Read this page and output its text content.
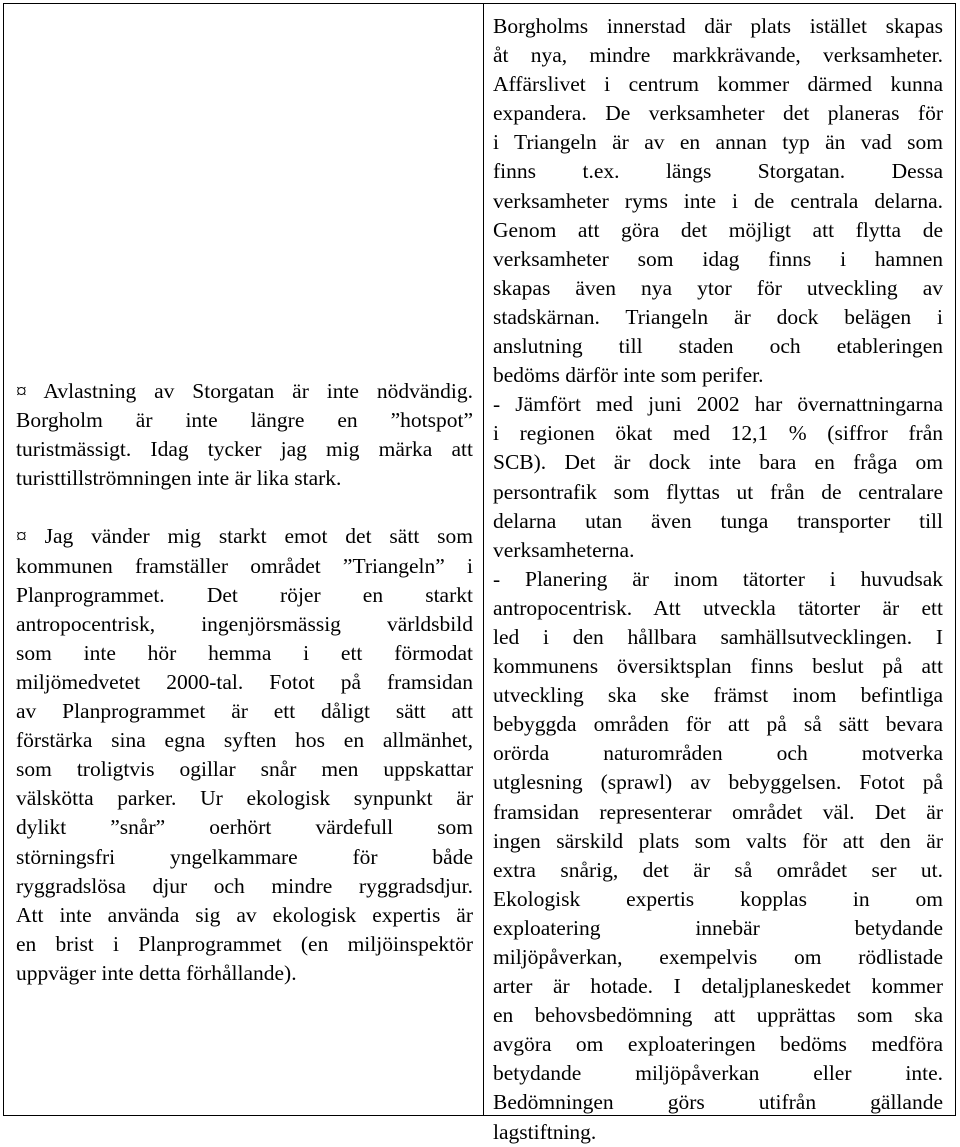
¤ Avlastning av Storgatan är inte nödvändig.
Borgholm är inte längre en ”hotspot”
turistmässigt. Idag tycker jag mig märka att
turisttillströmningen inte är lika stark.
¤ Jag vänder mig starkt emot det sätt som
kommunen framställer området ”Triangeln” i
Planprogrammet. Det röjer en starkt
antropocentrisk, ingenjörsmässig världsbild
som inte hör hemma i ett förmodat
miljömedvetet 2000-tal. Fotot på framsidan
av Planprogrammet är ett dåligt sätt att
förstärka sina egna syften hos en allmänhet,
som troligtvis ogillar snår men uppskattar
välskötta parker. Ur ekologisk synpunkt är
dylikt ”snår” oerhört värdefull som
störningsfri yngelkammare för både
ryggradslösa djur och mindre ryggradsdjur.
Att inte använda sig av ekologisk expertis är
en brist i Planprogrammet (en miljöinspektör
uppväger inte detta förhållande).
Borgholms innerstad där plats istället skapas
åt nya, mindre markkrävande, verksamheter.
Affärslivet i centrum kommer därmed kunna
expandera. De verksamheter det planeras för
i Triangeln är av en annan typ än vad som
finns t.ex. längs Storgatan. Dessa
verksamheter ryms inte i de centrala delarna.
Genom att göra det möjligt att flytta de
verksamheter som idag finns i hamnen
skapas även nya ytor för utveckling av
stadskärnan. Triangeln är dock belägen i
anslutning till staden och etableringen
bedöms därför inte som perifer.
- Jämfört med juni 2002 har övernattningarna
i regionen ökat med 12,1 % (siffror från
SCB). Det är dock inte bara en fråga om
persontrafik som flyttas ut från de centralare
delarna utan även tunga transporter till
verksamheterna.
- Planering är inom tätorter i huvudsak
antropocentrisk. Att utveckla tätorter är ett
led i den hållbara samhällsutvecklingen. I
kommunens översiktsplan finns beslut på att
utveckling ska ske främst inom befintliga
bebyggda områden för att på så sätt bevara
orörda naturområden och motverka
utglesning (sprawl) av bebyggelsen. Fotot på
framsidan representerar området väl. Det är
ingen särskild plats som valts för att den är
extra snårig, det är så området ser ut.
Ekologisk expertis kopplas in om
exploatering innebär betydande
miljöpåverkan, exempelvis om rödlistade
arter är hotade. I detaljplaneskedet kommer
en behovsbedömning att upprättas som ska
avgöra om exploateringen bedöms medföra
betydande miljöpåverkan eller inte.
Bedömningen görs utifrån gällande
lagstiftning.
